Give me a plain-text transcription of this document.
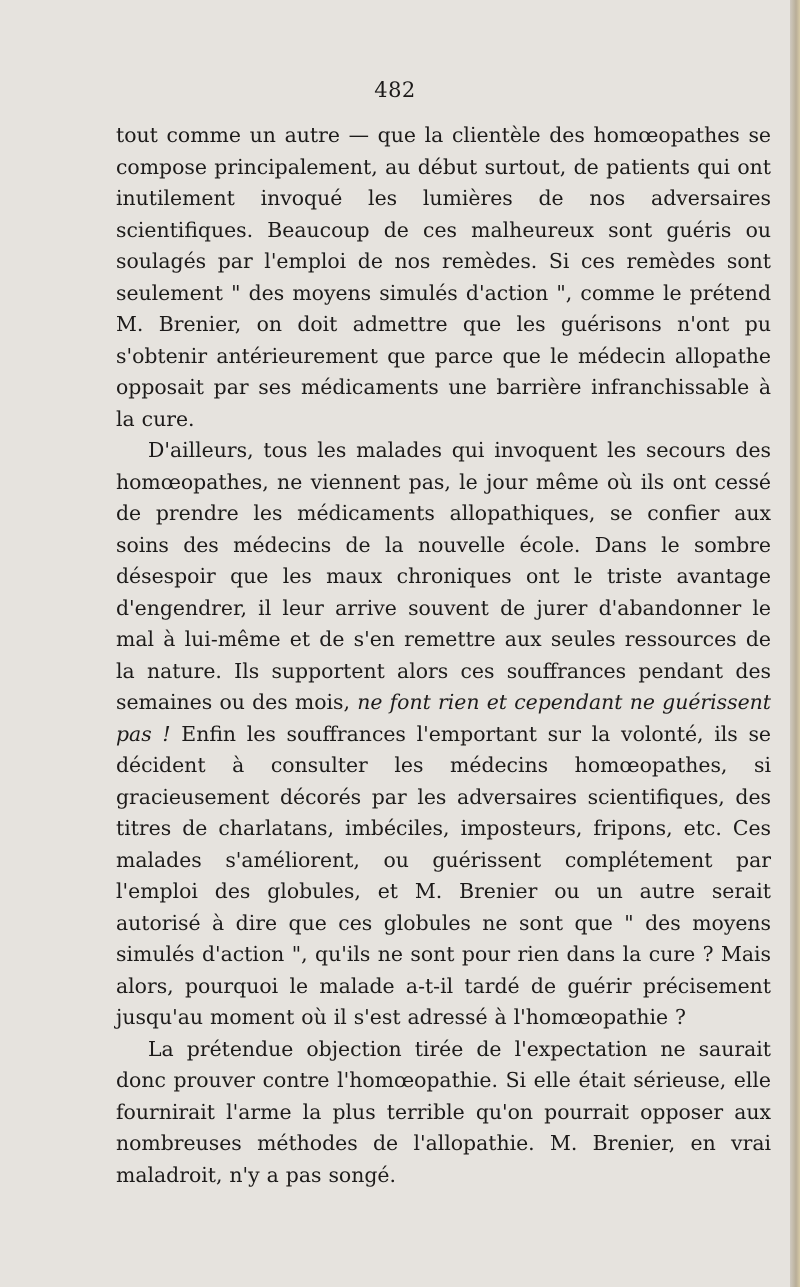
482

tout comme un autre — que la clientèle des homœopathes se compose principalement, au début surtout, de patients qui ont inutilement invoqué les lumières de nos adversaires scientifiques. Beaucoup de ces malheureux sont guéris ou soulagés par l'emploi de nos remèdes. Si ces remèdes sont seulement " des moyens simulés d'action ", comme le prétend M. Brenier, on doit admettre que les guérisons n'ont pu s'obtenir antérieurement que parce que le médecin allopathe opposait par ses médicaments une barrière infranchissable à la cure.

D'ailleurs, tous les malades qui invoquent les secours des homœopathes, ne viennent pas, le jour même où ils ont cessé de prendre les médicaments allopathiques, se confier aux soins des médecins de la nouvelle école. Dans le sombre désespoir que les maux chroniques ont le triste avantage d'engendrer, il leur arrive souvent de jurer d'abandonner le mal à lui-même et de s'en remettre aux seules ressources de la nature. Ils supportent alors ces souffrances pendant des semaines ou des mois, ne font rien et cependant ne guérissent pas ! Enfin les souffrances l'emportant sur la volonté, ils se décident à consulter les médecins homœopathes, si gracieusement décorés par les adversaires scientifiques, des titres de charlatans, imbéciles, imposteurs, fripons, etc. Ces malades s'améliorent, ou guérissent complétement par l'emploi des globules, et M. Brenier ou un autre serait autorisé à dire que ces globules ne sont que " des moyens simulés d'action ", qu'ils ne sont pour rien dans la cure ? Mais alors, pourquoi le malade a-t-il tardé de guérir précisement jusqu'au moment où il s'est adressé à l'homœopathie ?

La prétendue objection tirée de l'expectation ne saurait donc prouver contre l'homœopathie. Si elle était sérieuse, elle fournirait l'arme la plus terrible qu'on pourrait opposer aux nombreuses méthodes de l'allopathie. M. Brenier, en vrai maladroit, n'y a pas songé.
